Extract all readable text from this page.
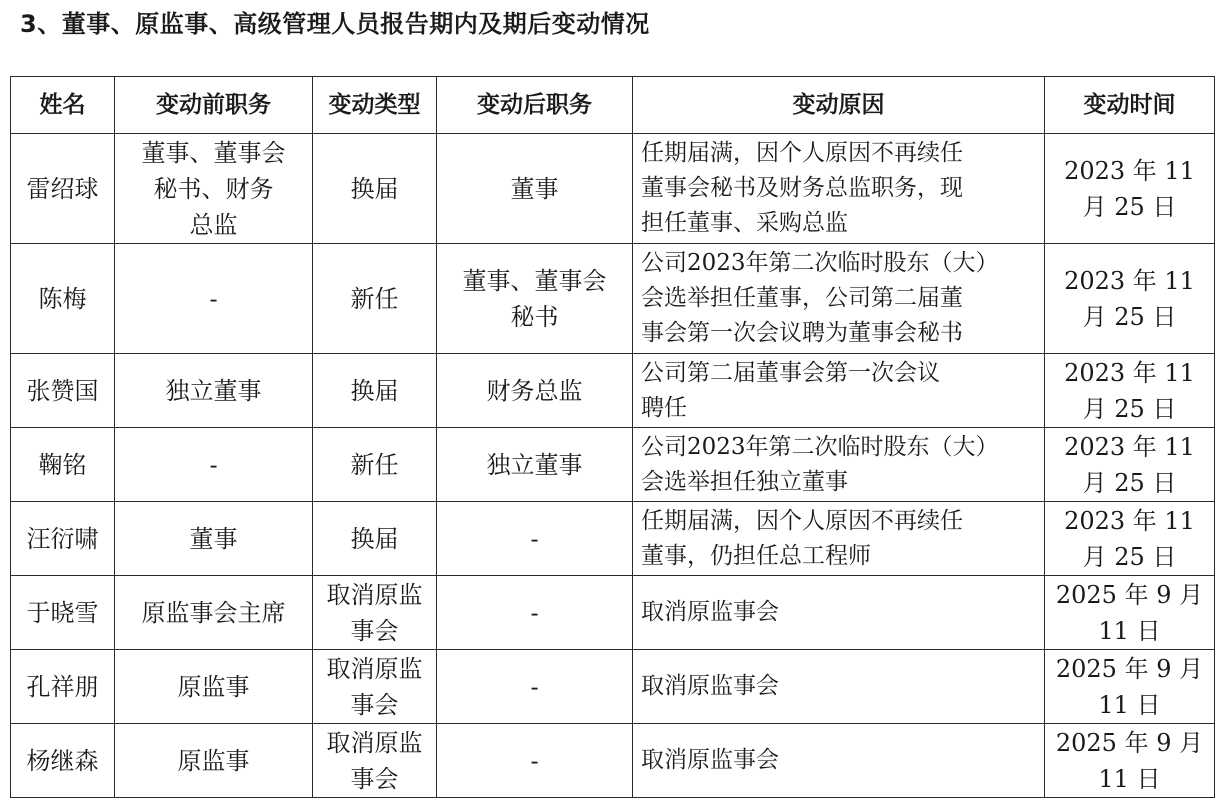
3、董事、原监事、高级管理人员报告期内及期后变动情况
姓名	变动前职务	变动类型	变动后职务	变动原因	变动时间

雷绍球	董事、董事会
秘书、财务
总监	换届	董事	任期届满，因个人原因不再续任
董事会秘书及财务总监职务，现
担任董事、采购总监	2023 年 11
月 25 日

陈梅	-	新任	董事、董事会
秘书	公司2023年第二次临时股东（大）
会选举担任董事，公司第二届董
事会第一次会议聘为董事会秘书	2023 年 11
月 25 日

张赞国	独立董事	换届	财务总监	公司第二届董事会第一次会议
聘任	2023 年 11
月 25 日

鞠铭	-	新任	独立董事	公司2023年第二次临时股东（大）
会选举担任独立董事	2023 年 11
月 25 日

汪衍啸	董事	换届	-	任期届满，因个人原因不再续任
董事，仍担任总工程师	2023 年 11
月 25 日

于晓雪	原监事会主席	取消原监
事会	-	取消原监事会	2025 年 9 月
11 日

孔祥朋	原监事	取消原监
事会	-	取消原监事会	2025 年 9 月
11 日

杨继森	原监事	取消原监
事会	-	取消原监事会	2025 年 9 月
11 日
